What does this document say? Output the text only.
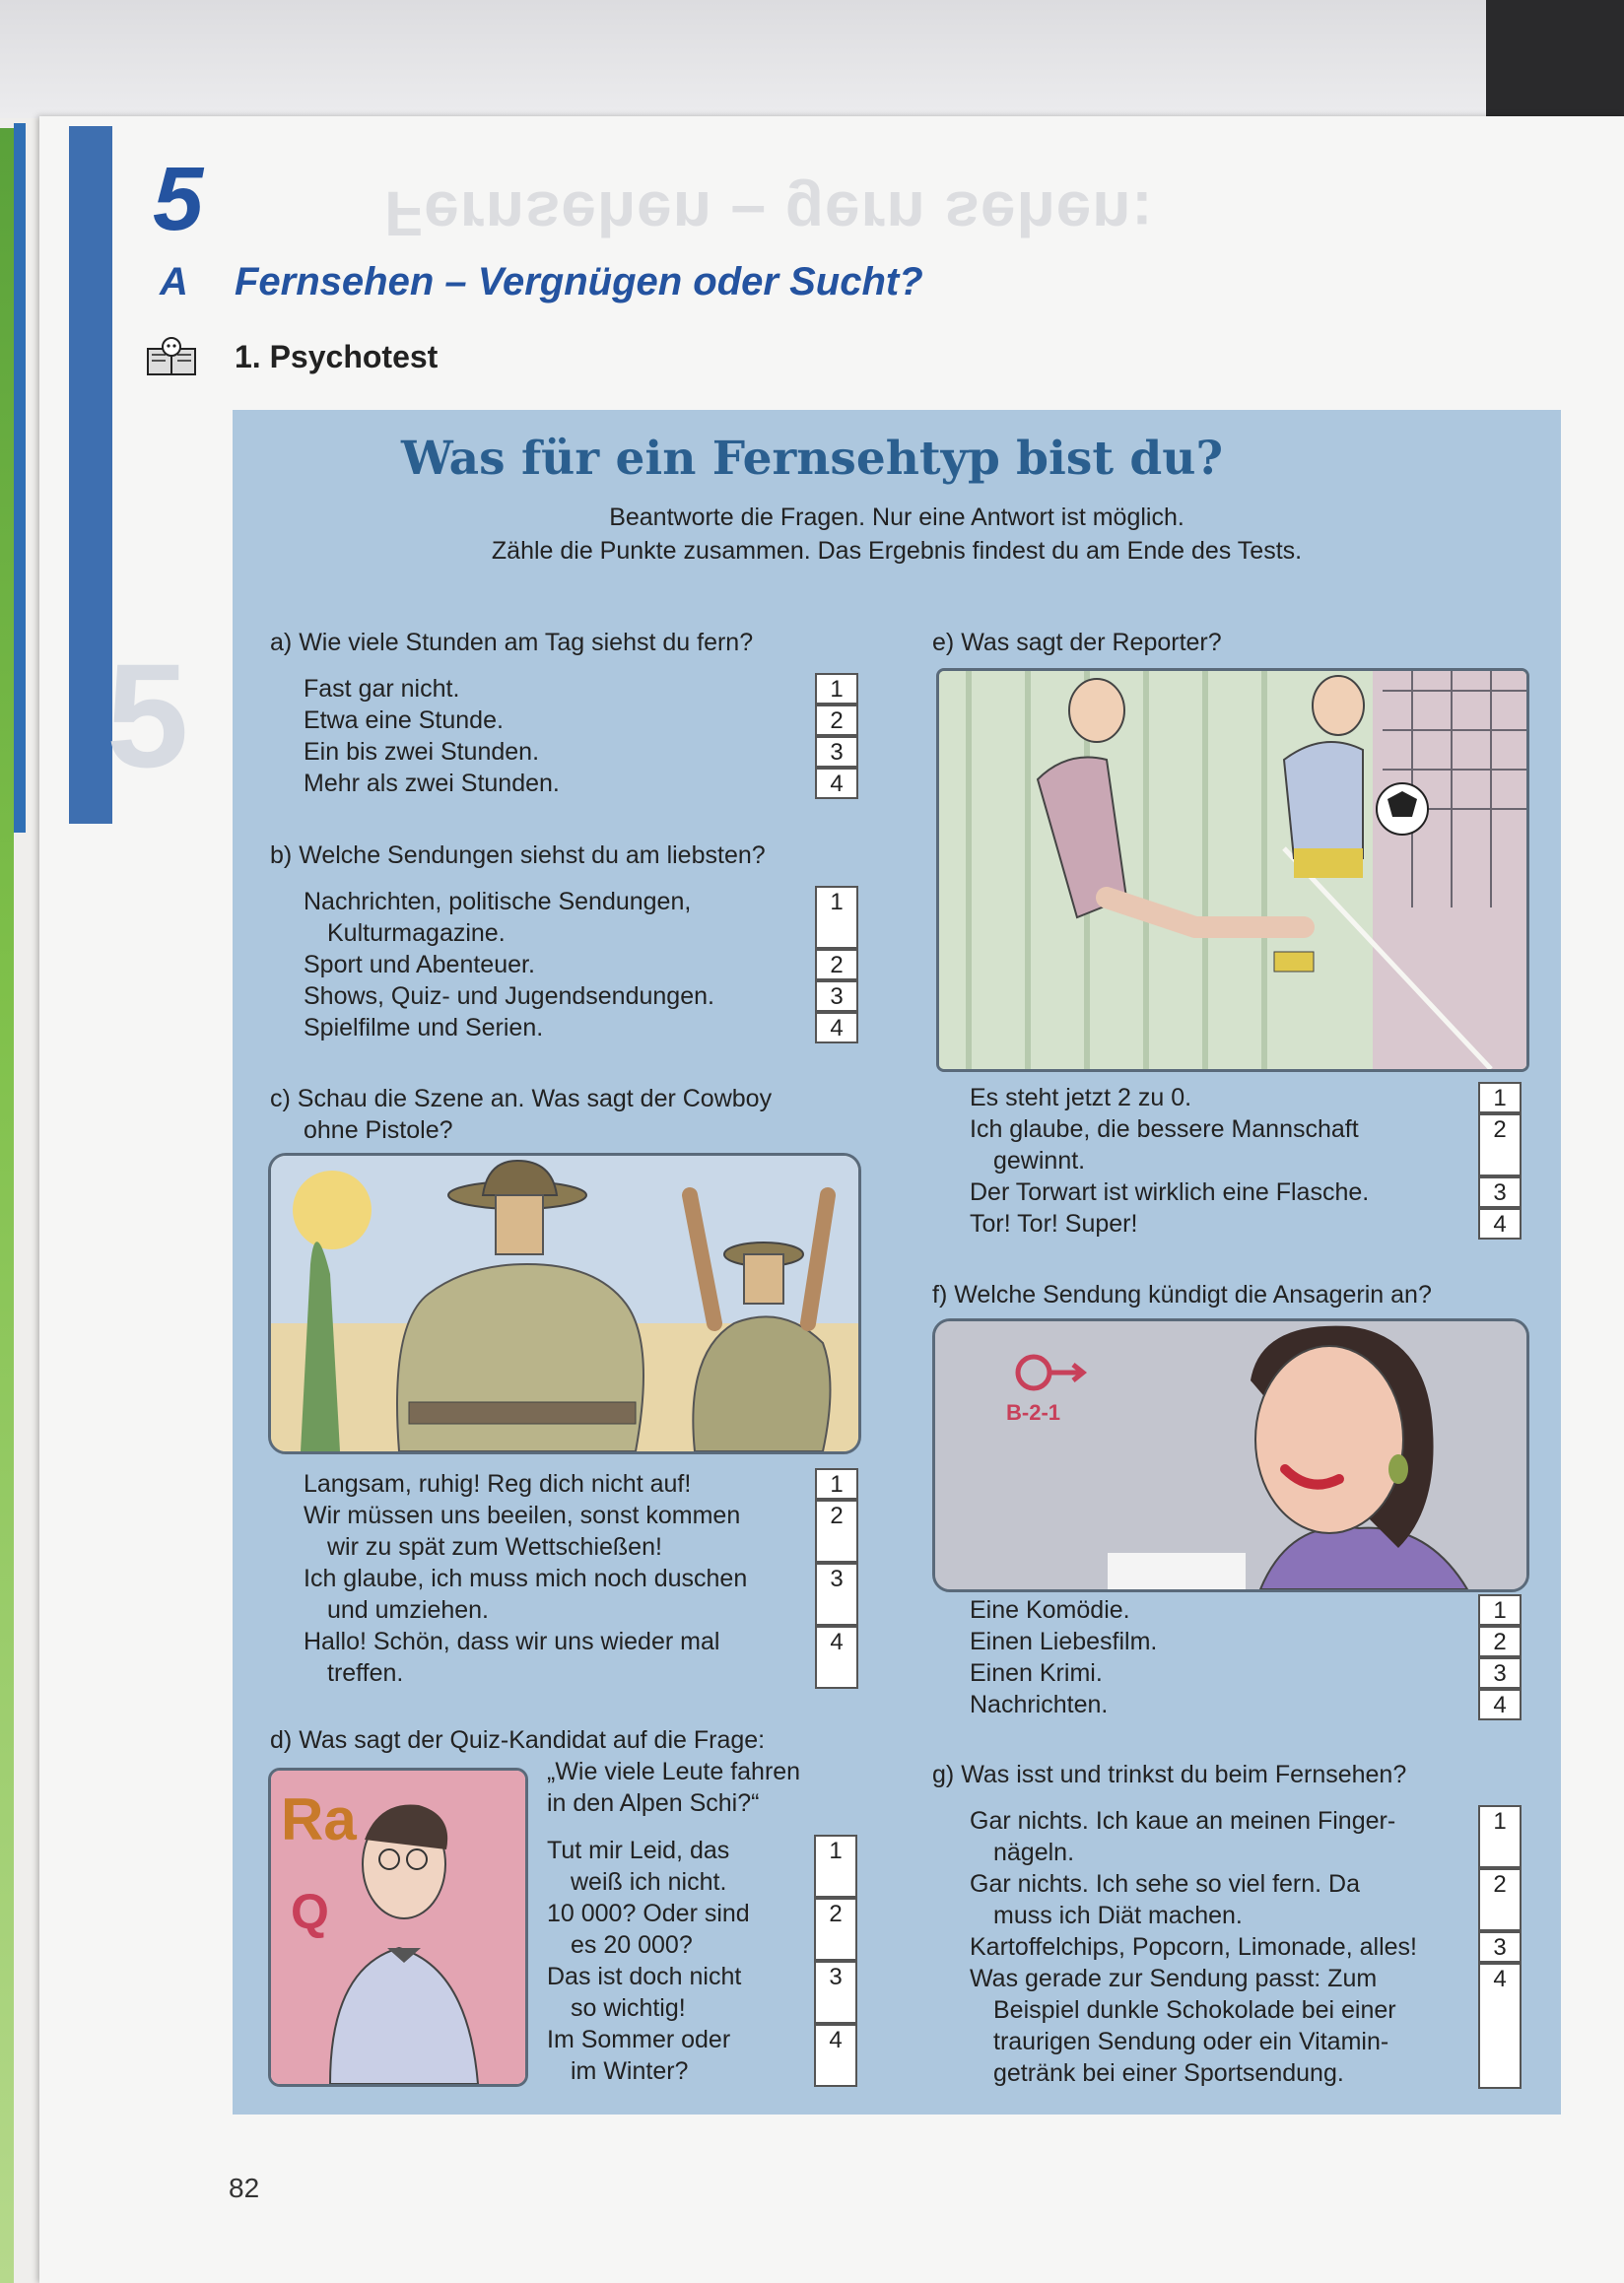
5
Fernsehen – gern sehen:
5
A Fernsehen – Vergnügen oder Sucht?
1. Psychotest
Was für ein Fernsehtyp bist du?
Beantworte die Fragen. Nur eine Antwort ist möglich.
Zähle die Punkte zusammen. Das Ergebnis findest du am Ende des Tests.
a) Wie viele Stunden am Tag siehst du fern?
Fast gar nicht.
Etwa eine Stunde.
Ein bis zwei Stunden.
Mehr als zwei Stunden.
1
2
3
4
b) Welche Sendungen siehst du am liebsten?
Nachrichten, politische Sendungen,
Kulturmagazine.
Sport und Abenteuer.
Shows, Quiz- und Jugendsendungen.
Spielfilme und Serien.
1
2
3
4
c) Schau die Szene an. Was sagt der Cowboy
ohne Pistole?
Langsam, ruhig! Reg dich nicht auf!
Wir müssen uns beeilen, sonst kommen
wir zu spät zum Wettschießen!
Ich glaube, ich muss mich noch duschen
und umziehen.
Hallo! Schön, dass wir uns wieder mal
treffen.
1
2
3
4
d) Was sagt der Quiz-Kandidat auf die Frage:
„Wie viele Leute fahren
in den Alpen Schi?“
Ra
Q
Tut mir Leid, das
weiß ich nicht.
10 000? Oder sind
es 20 000?
Das ist doch nicht
so wichtig!
Im Sommer oder
im Winter?
1
2
3
4
e) Was sagt der Reporter?
Es steht jetzt 2 zu 0.
Ich glaube, die bessere Mannschaft
gewinnt.
Der Torwart ist wirklich eine Flasche.
Tor! Tor! Super!
1
2
3
4
f) Welche Sendung kündigt die Ansagerin an?
B-2-1
Eine Komödie.
Einen Liebesfilm.
Einen Krimi.
Nachrichten.
1
2
3
4
g) Was isst und trinkst du beim Fernsehen?
Gar nichts. Ich kaue an meinen Finger-
nägeln.
Gar nichts. Ich sehe so viel fern. Da
muss ich Diät machen.
Kartoffelchips, Popcorn, Limonade, alles!
Was gerade zur Sendung passt: Zum
Beispiel dunkle Schokolade bei einer
traurigen Sendung oder ein Vitamin-
getränk bei einer Sportsendung.
1
2
3
4
82
